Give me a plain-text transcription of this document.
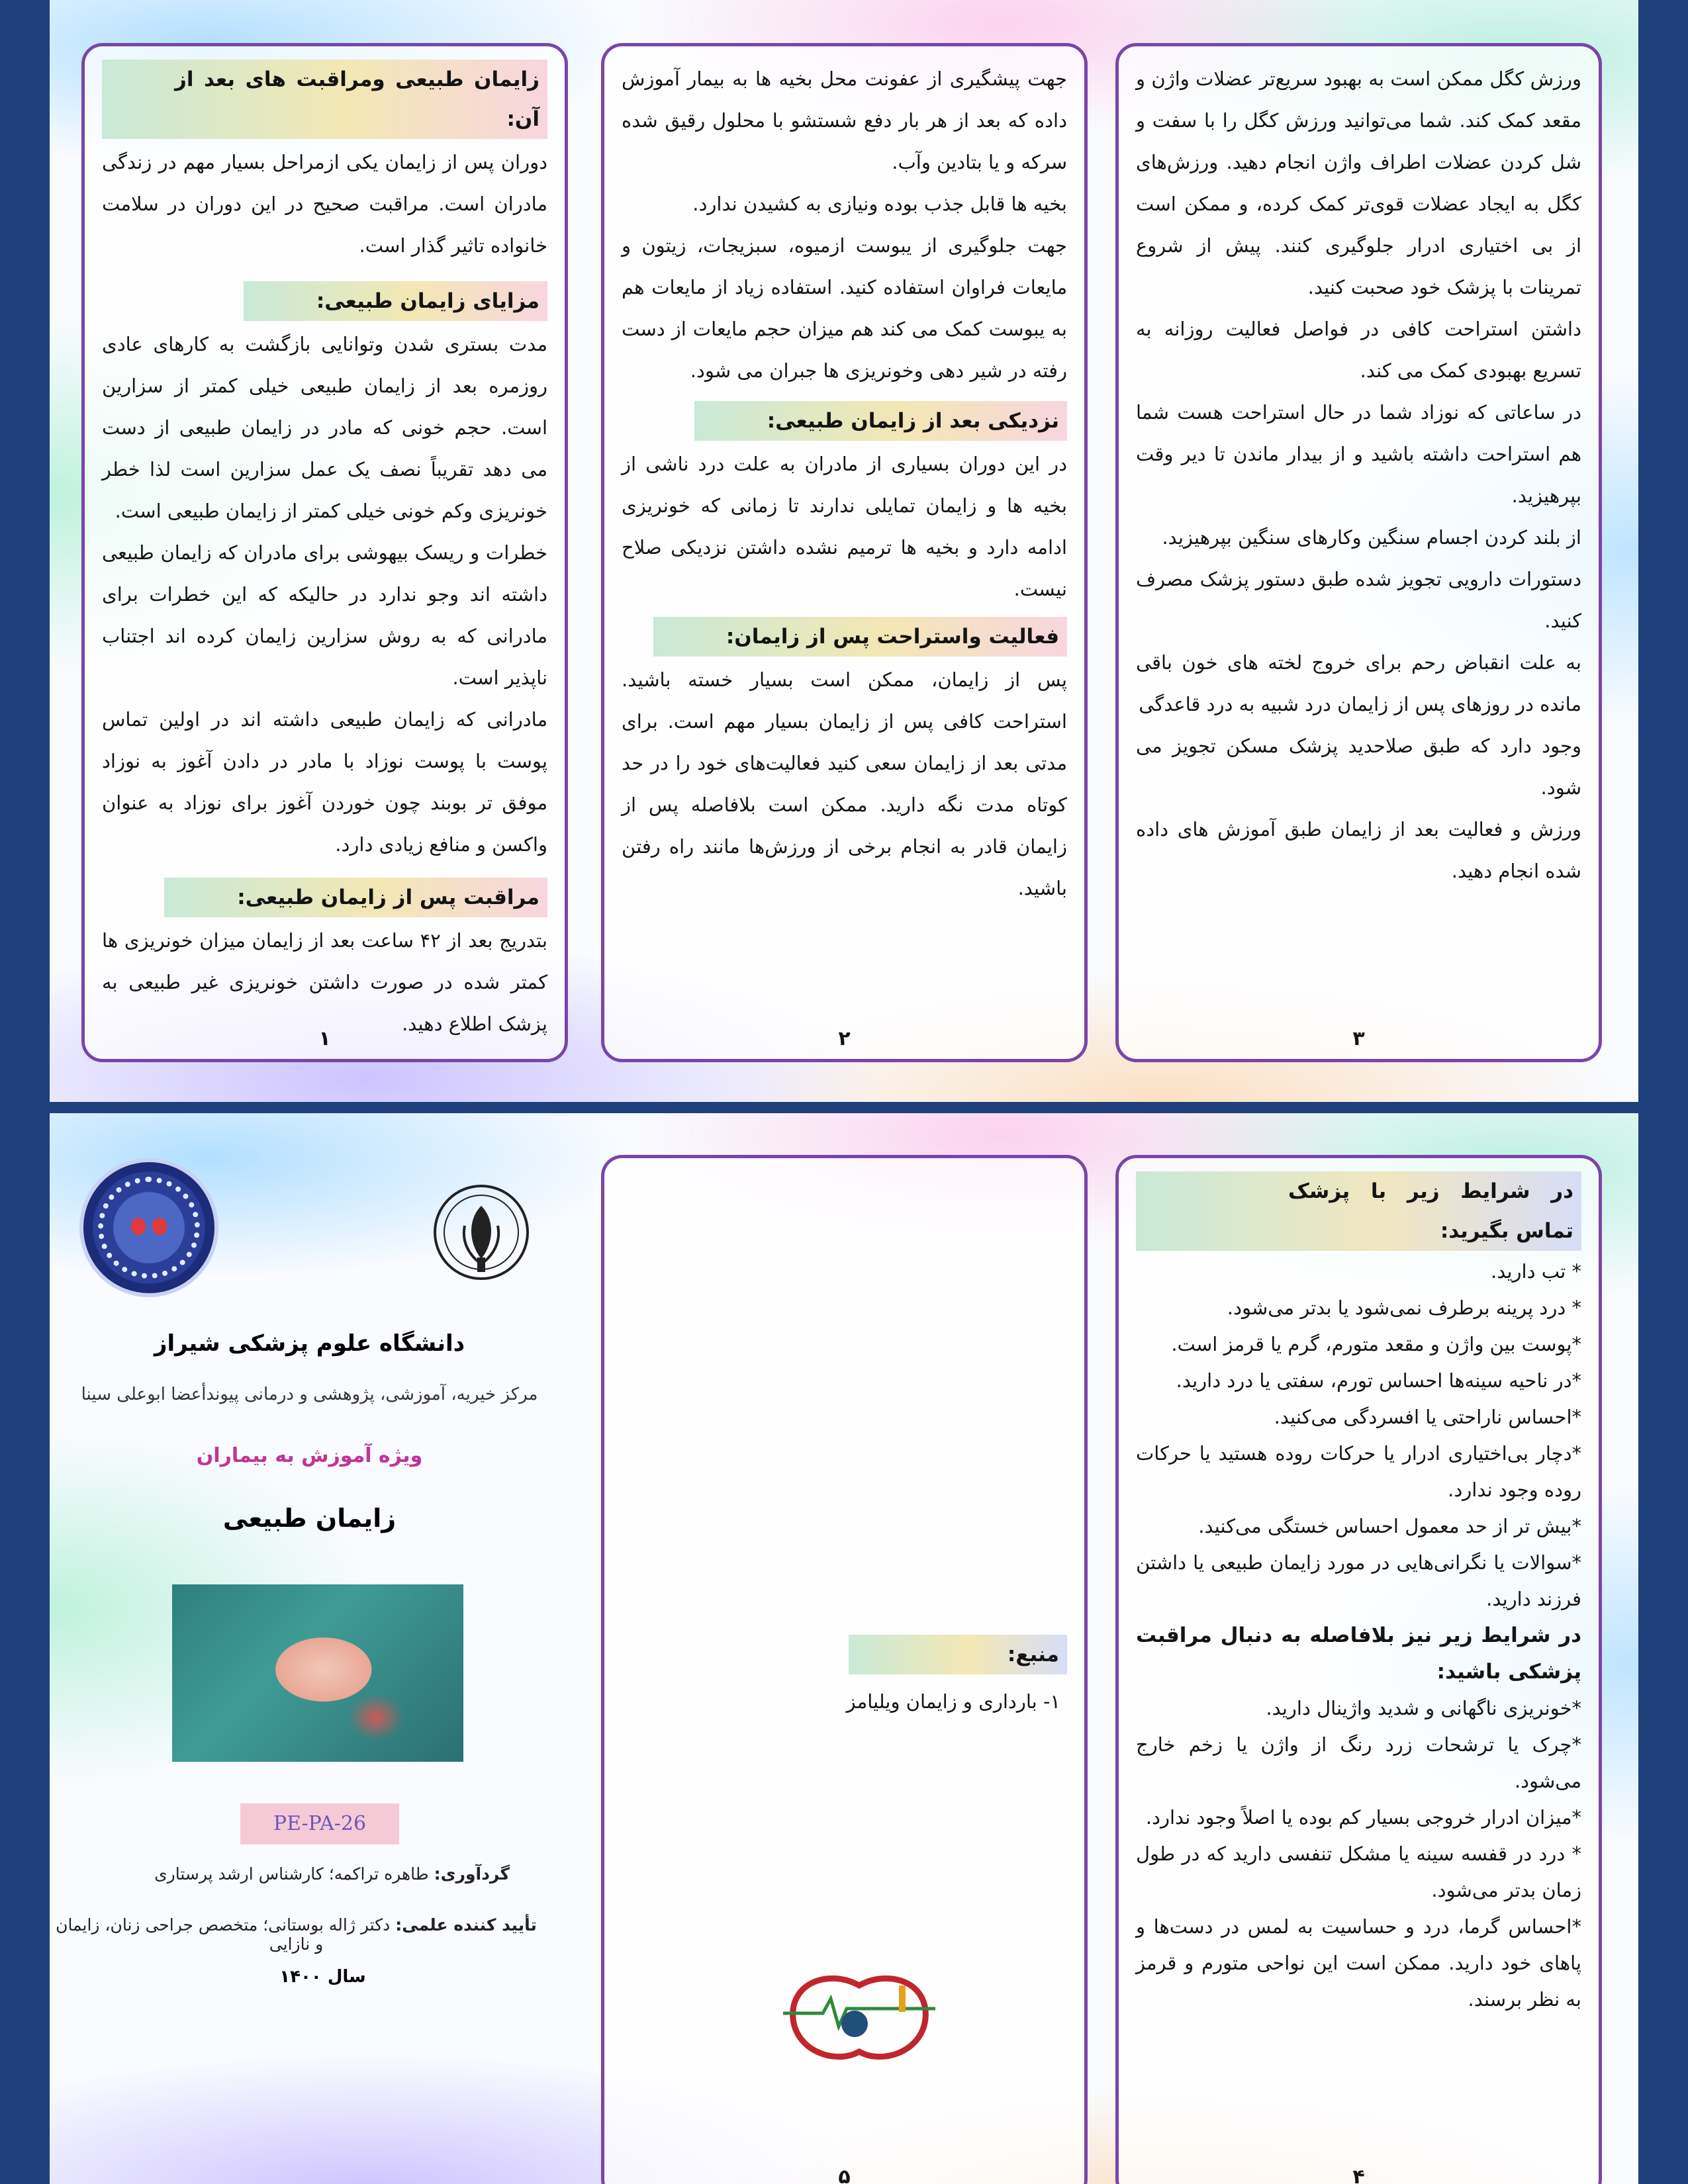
زایمان طبیعی ومراقبت های بعد از آن:

دوران پس از زایمان یکی ازمراحل بسیار مهم در زندگی مادران است. مراقبت صحیح در این دوران در سلامت خانواده تاثیر گذار است.

مزایای زایمان طبیعی:

مدت بستری شدن وتوانایی بازگشت به کارهای عادی روزمره بعد از زایمان طبیعی خیلی کمتر از سزارین است. حجم خونی که مادر در زایمان طبیعی از دست می دهد تقریباً نصف یک عمل سزارین است لذا خطر خونریزی وکم خونی خیلی کمتر از زایمان طبیعی است.

خطرات و ریسک بیهوشی برای مادران که زایمان طبیعی داشته اند وجو ندارد در حالیکه که این خطرات برای مادرانی که به روش سزارین زایمان کرده اند اجتناب ناپذیر است.

مادرانی که زایمان طبیعی داشته اند در اولین تماس پوست با پوست نوزاد با مادر در دادن آغوز به نوزاد موفق تر بوبند چون خوردن آغوز برای نوزاد به عنوان واکسن و منافع زیادی دارد.

مراقبت پس از زایمان طبیعی:

بتدریج بعد از ۴۲ ساعت بعد از زایمان میزان خونریزی ها کمتر شده در صورت داشتن خونریزی غیر طبیعی به پزشک اطلاع دهید.

۱

جهت پیشگیری از عفونت محل بخیه ها به بیمار آموزش داده که بعد از هر بار دفع شستشو با محلول رقیق شده سرکه و یا بتادین وآب.

بخیه ها قابل جذب بوده ونیازی به کشیدن ندارد.

جهت جلوگیری از یبوست ازمیوه، سبزیجات، زیتون و مایعات فراوان استفاده کنید. استفاده زیاد از مایعات هم به یبوست کمک می کند هم میزان حجم مایعات از دست رفته در شیر دهی وخونریزی ها جبران می شود.

نزدیکی بعد از زایمان طبیعی:

در این دوران بسیاری از مادران به علت درد ناشی از بخیه ها و زایمان تمایلی ندارند تا زمانی که خونریزی ادامه دارد و بخیه ها ترمیم نشده داشتن نزدیکی صلاح نیست.

فعالیت واستراحت پس از زایمان:

پس از زایمان، ممکن است بسیار خسته باشید. استراحت کافی پس از زایمان بسیار مهم است. برای مدتی بعد از زایمان سعی کنید فعالیت‌های خود را در حد کوتاه مدت نگه دارید. ممکن است بلافاصله پس از زایمان قادر به انجام برخی از ورزش‌ها مانند راه رفتن باشید.

۲

ورزش کگل ممکن است به بهبود سریع‌تر عضلات واژن و مقعد کمک کند. شما می‌توانید ورزش کگل را با سفت و شل کردن عضلات اطراف واژن انجام دهید. ورزش‌های کگل به ایجاد عضلات قوی‌تر کمک کرده، و ممکن است از بی اختیاری ادرار جلوگیری کنند. پیش از شروع تمرینات با پزشک خود صحبت کنید.

داشتن استراحت کافی در فواصل فعالیت روزانه به تسریع بهبودی کمک می کند.

در ساعاتی که نوزاد شما در حال استراحت هست شما هم استراحت داشته باشید و از بیدار ماندن تا دیر وقت بپرهیزید.

از بلند کردن اجسام سنگین وکارهای سنگین بپرهیزید.

دستورات دارویی تجویز شده طبق دستور پزشک مصرف کنید.

به علت انقباض رحم برای خروج لخته های خون باقی مانده در روزهای پس از زایمان درد شبیه به درد قاعدگی

وجود دارد که طبق صلاحدید پزشک مسکن تجویز می شود.

ورزش و فعالیت بعد از زایمان طبق آموزش های داده شده انجام دهید.

۳
دانشگاه علوم پزشکی شیراز
مرکز خیریه، آموزشی، پژوهشی و درمانی پیوندأعضا ابوعلی سینا
ویژه آموزش به بیماران
زایمان طبیعی
PE-PA-26
گردآوری: طاهره تراکمه؛ کارشناس ارشد پرستاری
تأیید کننده علمی: دکتر ژاله بوستانی؛ متخصص جراحی زنان، زایمان و نازایی
سال ۱۴۰۰
منبع:
۱- بارداری و زایمان ویلیامز
۵
در شرایط زیر با پزشک تماس بگیرید:

* تب دارید.

* درد پرینه برطرف نمی‌شود یا بدتر می‌شود.

*پوست بین واژن و مقعد متورم، گرم یا قرمز است.

*در ناحیه سینه‌ها احساس تورم، سفتی یا درد دارید.

*احساس ناراحتی یا افسردگی می‌کنید.

*دچار بی‌اختیاری ادرار یا حرکات روده هستید یا حرکات روده وجود ندارد.

*بیش تر از حد معمول احساس خستگی می‌کنید.

*سوالات یا نگرانی‌هایی در مورد زایمان طبیعی یا داشتن فرزند دارید.

در شرایط زیر نیز بلافاصله به دنبال مراقبت پزشکی باشید:

*خونریزی ناگهانی و شدید واژینال دارید.

*چرک یا ترشحات زرد رنگ از واژن یا زخم خارج می‌شود.

*میزان ادرار خروجی بسیار کم بوده یا اصلاً وجود ندارد.

* درد در قفسه سینه یا مشکل تنفسی دارید که در طول زمان بدتر می‌شود.

*احساس گرما، درد و حساسیت به لمس در دست‌ها و پاهای خود دارید. ممکن است این نواحی متورم و قرمز به نظر برسند.

۴
